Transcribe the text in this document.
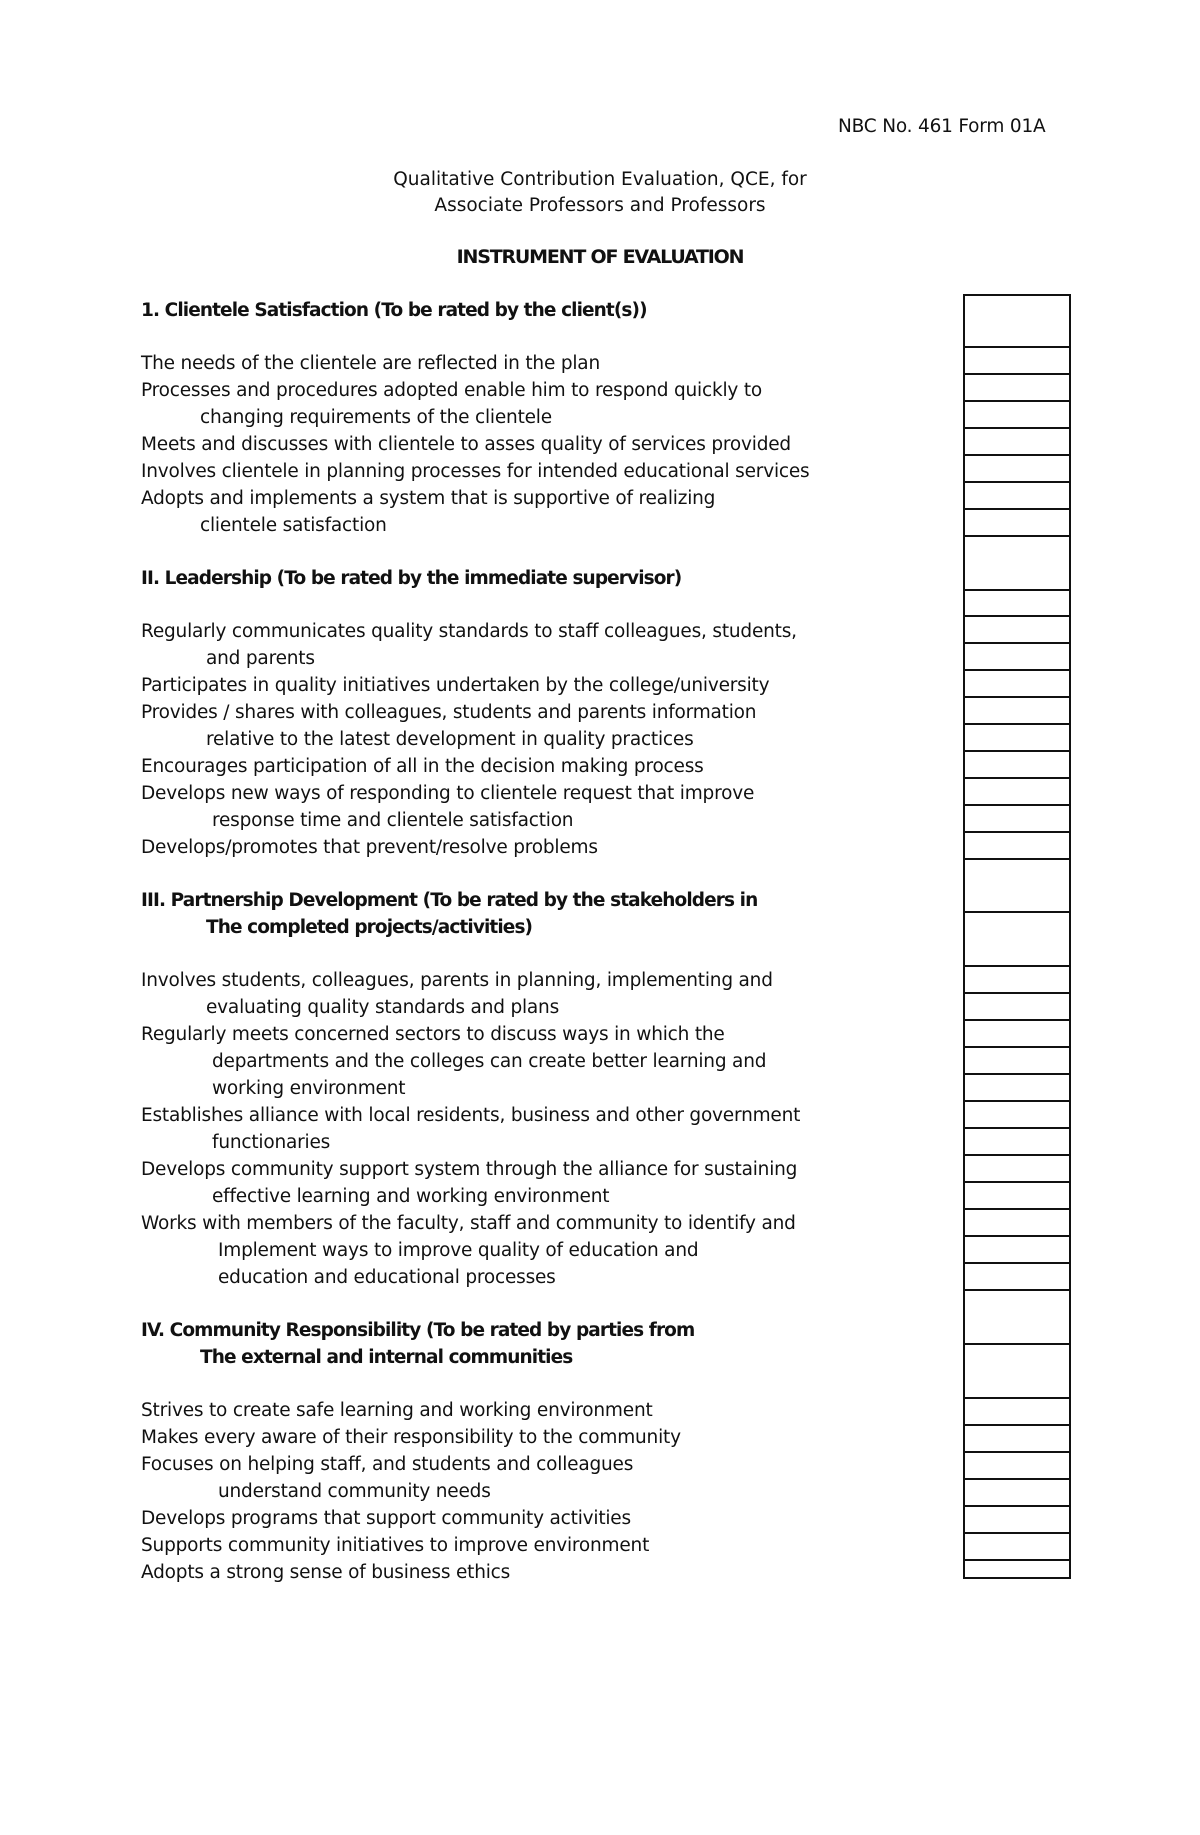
NBC No. 461 Form 01A
Qualitative Contribution Evaluation, QCE, for
Associate Professors and Professors
INSTRUMENT OF EVALUATION
1. Clientele Satisfaction (To be rated by the client(s))
The needs of the clientele are reflected in the plan
Processes and procedures adopted enable him to respond quickly to
changing requirements of the clientele
Meets and discusses with clientele to asses quality of services provided
Involves clientele in planning processes for intended educational services
Adopts and implements a system that is supportive of realizing
clientele satisfaction
II. Leadership (To be rated by the immediate supervisor)
Regularly communicates quality standards to staff colleagues, students,
and parents
Participates in quality initiatives undertaken by the college/university
Provides / shares with colleagues, students and parents information
relative to the latest development in quality practices
Encourages participation of all in the decision making process
Develops new ways of responding to clientele request that improve
response time and clientele satisfaction
Develops/promotes that prevent/resolve problems
III. Partnership Development (To be rated by the stakeholders in
The completed projects/activities)
Involves students, colleagues, parents in planning, implementing and
evaluating quality standards and plans
Regularly meets concerned sectors to discuss ways in which the
departments and the colleges can create better learning and
working environment
Establishes alliance with local residents, business and other government
functionaries
Develops community support system through the alliance for sustaining
effective learning and working environment
Works with members of the faculty, staff and community to identify and
Implement ways to improve quality of education and
education and educational processes
IV. Community Responsibility (To be rated by parties from
The external and internal communities
Strives to create safe learning and working environment
Makes every aware of their responsibility to the community
Focuses on helping staff, and students and colleagues
understand community needs
Develops programs that support community activities
Supports community initiatives to improve environment
Adopts a strong sense of business ethics
